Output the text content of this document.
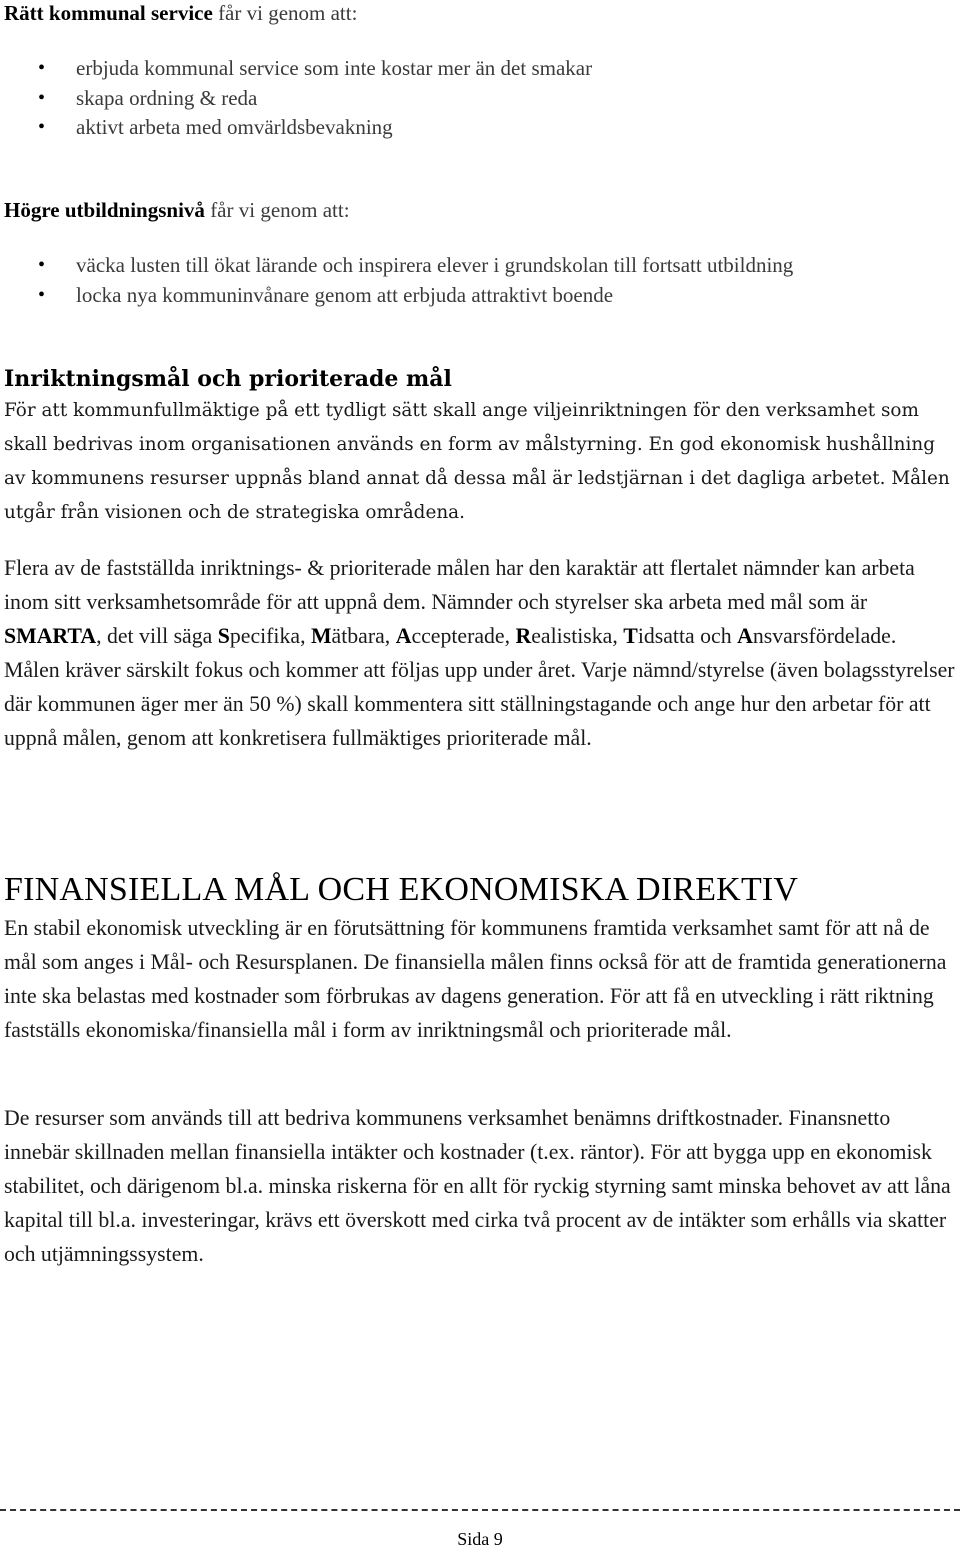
Rätt kommunal service får vi genom att:
• erbjuda kommunal service som inte kostar mer än det smakar
• skapa ordning & reda
• aktivt arbeta med omvärldsbevakning
Högre utbildningsnivå får vi genom att:
• väcka lusten till ökat lärande och inspirera elever i grundskolan till fortsatt utbildning
• locka nya kommuninvånare genom att erbjuda attraktivt boende
Inriktningsmål och prioriterade mål
För att kommunfullmäktige på ett tydligt sätt skall ange viljeinriktningen för den verksamhet som skall bedrivas inom organisationen används en form av målstyrning. En god ekonomisk hushållning av kommunens resurser uppnås bland annat då dessa mål är ledstjärnan i det dagliga arbetet. Målen utgår från visionen och de strategiska områdena.
Flera av de fastställda inriktnings- & prioriterade målen har den karaktär att flertalet nämnder kan arbeta inom sitt verksamhetsområde för att uppnå dem. Nämnder och styrelser ska arbeta med mål som är SMARTA, det vill säga Specifika, Mätbara, Accepterade, Realistiska, Tidsatta och Ansvarsfördelade. Målen kräver särskilt fokus och kommer att följas upp under året. Varje nämnd/styrelse (även bolagsstyrelser där kommunen äger mer än 50 %) skall kommentera sitt ställningstagande och ange hur den arbetar för att uppnå målen, genom att konkretisera fullmäktiges prioriterade mål.
FINANSIELLA MÅL OCH EKONOMISKA DIREKTIV
En stabil ekonomisk utveckling är en förutsättning för kommunens framtida verksamhet samt för att nå de mål som anges i Mål- och Resursplanen. De finansiella målen finns också för att de framtida generationerna inte ska belastas med kostnader som förbrukas av dagens generation. För att få en utveckling i rätt riktning fastställs ekonomiska/finansiella mål i form av inriktningsmål och prioriterade mål.
De resurser som används till att bedriva kommunens verksamhet benämns driftkostnader. Finansnetto innebär skillnaden mellan finansiella intäkter och kostnader (t.ex. räntor). För att bygga upp en ekonomisk stabilitet, och därigenom bl.a. minska riskerna för en allt för ryckig styrning samt minska behovet av att låna kapital till bl.a. investeringar, krävs ett överskott med cirka två procent av de intäkter som erhålls via skatter och utjämningssystem.
Sida 9
